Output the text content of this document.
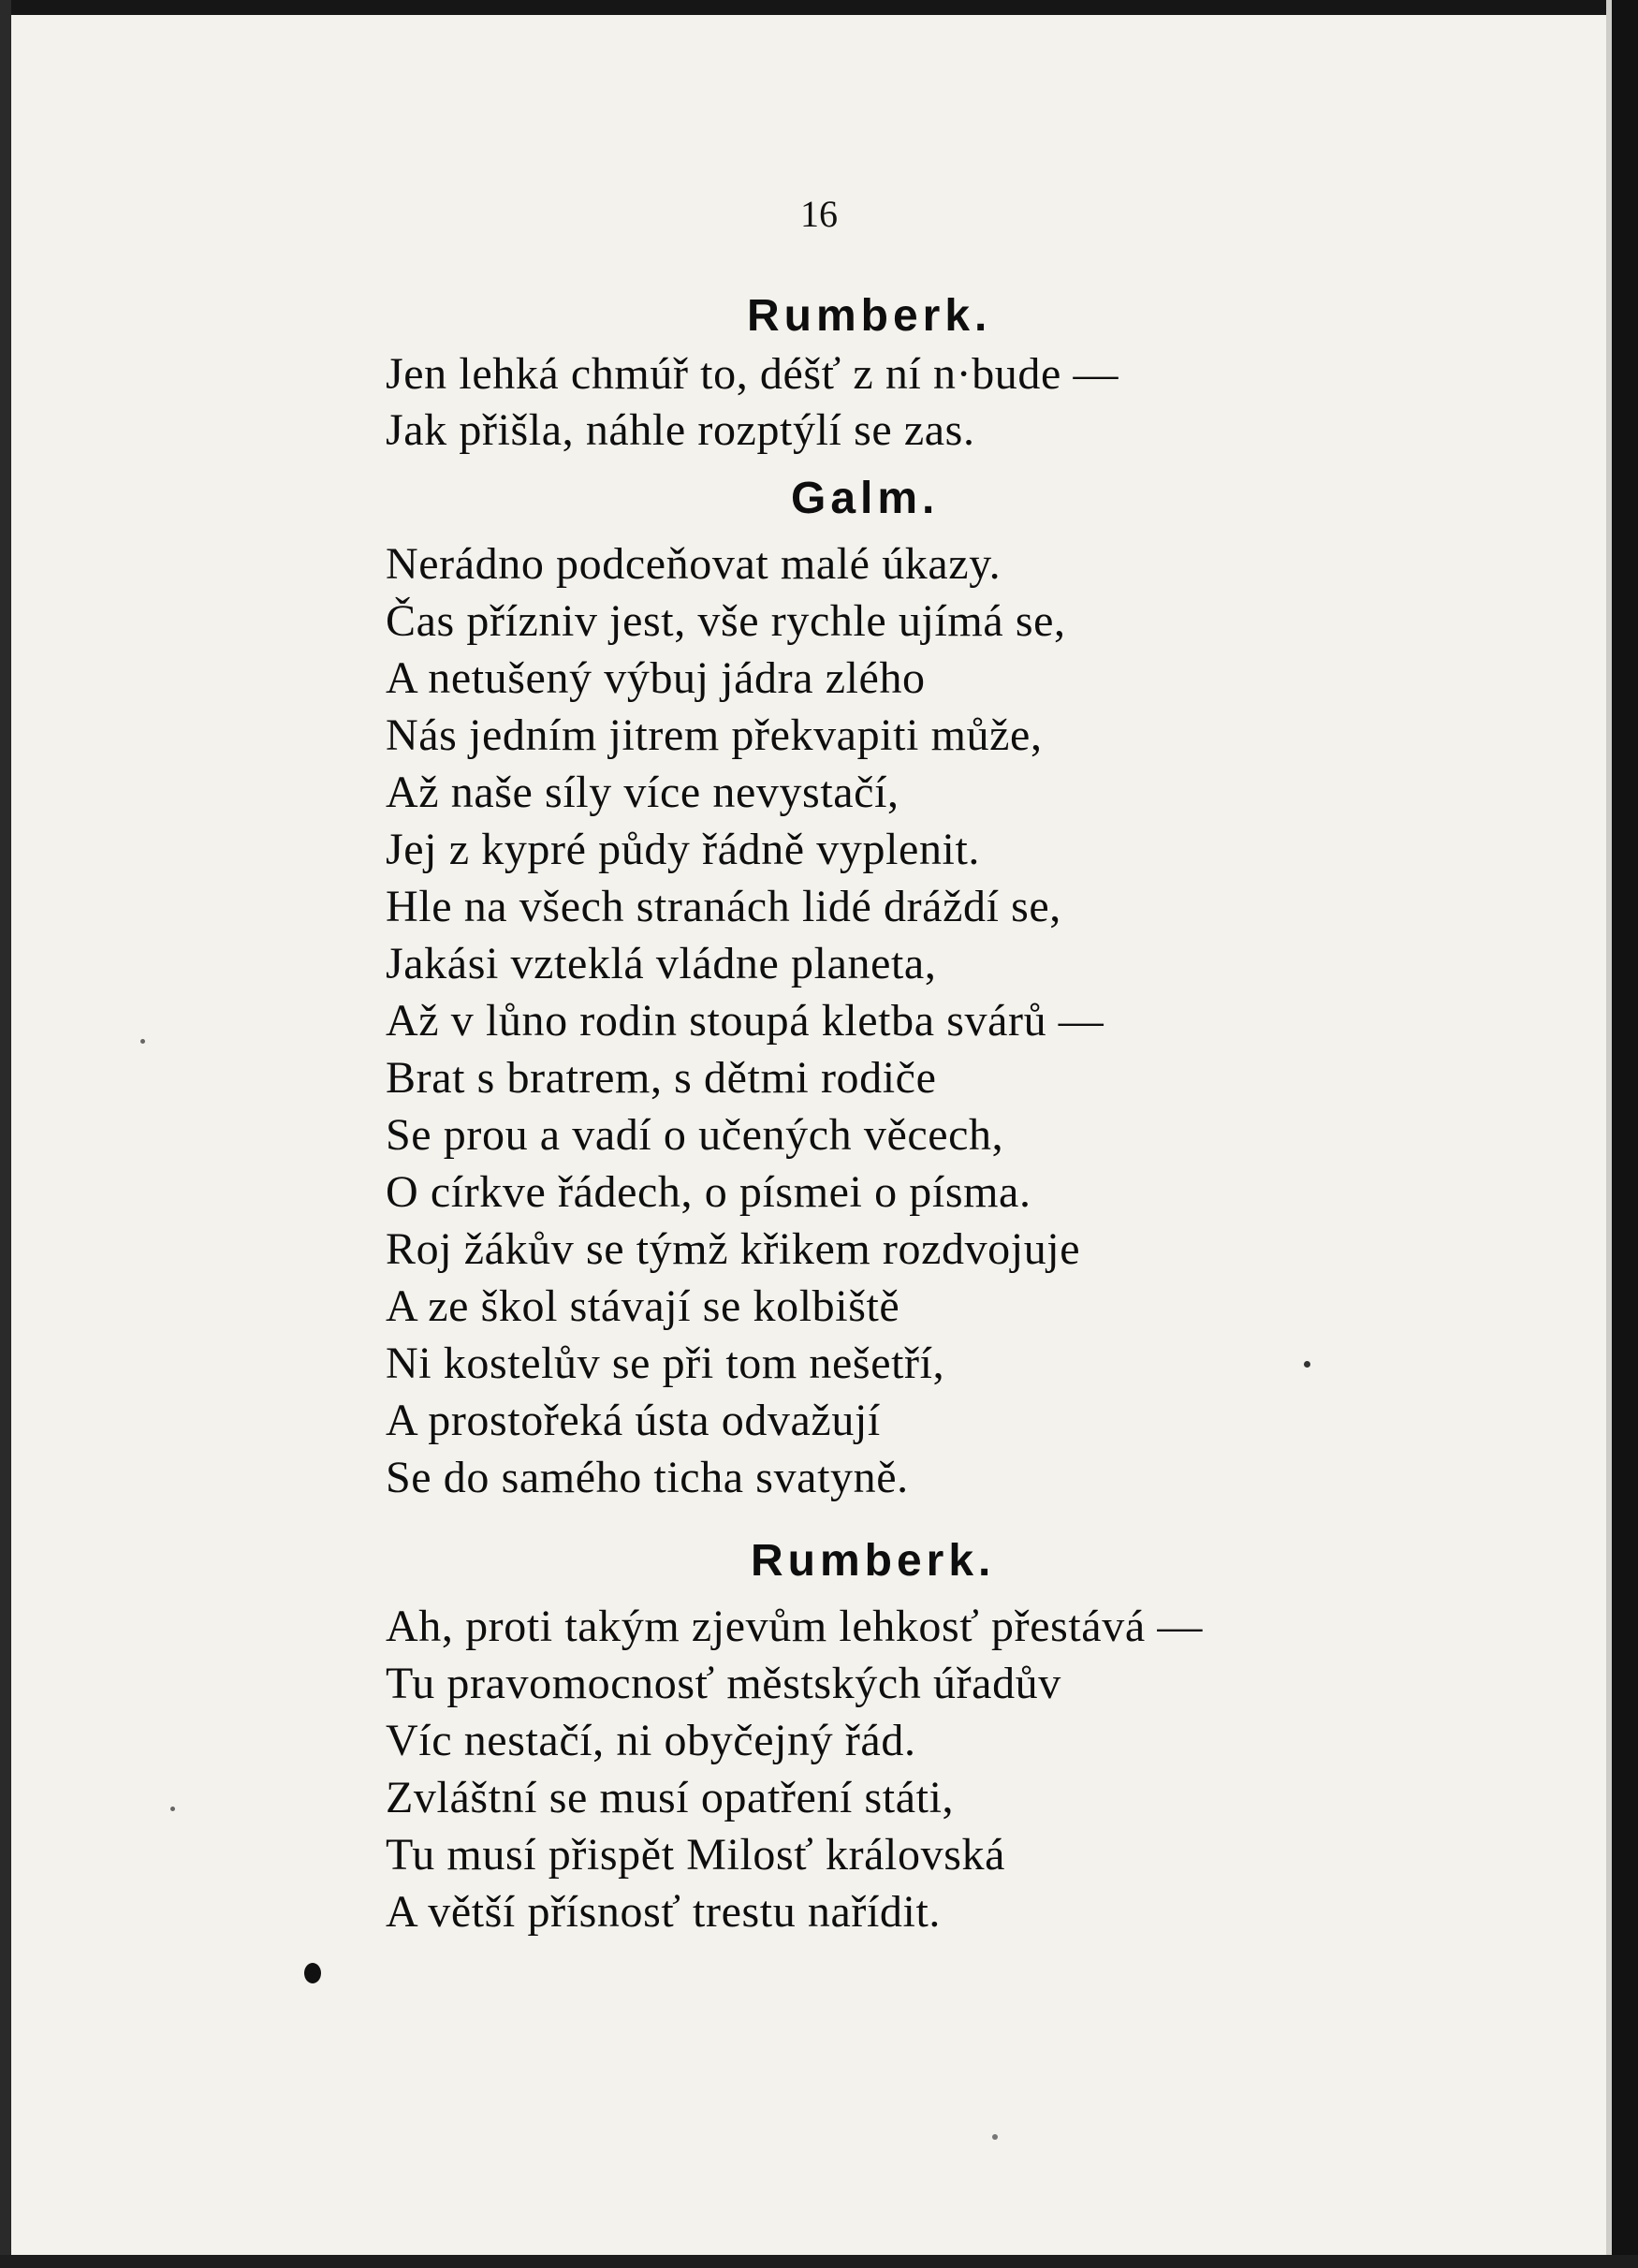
16
Rumberk.
Jen lehká chmúř to, déšť z ní n·bude —
Jak přišla, náhle rozptýlí se zas.
Galm.
Nerádno podceňovat malé úkazy.
Čas přízniv jest, vše rychle ujímá se,
A netušený výbuj jádra zlého
Nás jedním jitrem překvapiti může,
Až naše síly více nevystačí,
Jej z kypré půdy řádně vyplenit.
Hle na všech stranách lidé dráždí se,
Jakási vzteklá vládne planeta,
Až v lůno rodin stoupá kletba svárů —
Brat s bratrem, s dětmi rodiče
Se prou a vadí o učených věcech,
O církve řádech, o písmei o písma.
Roj žákův se týmž křikem rozdvojuje
A ze škol stávají se kolbiště
Ni kostelův se při tom nešetří,
A prostořeká ústa odvažují
Se do samého ticha svatyně.
Rumberk.
Ah, proti takým zjevům lehkosť přestává —
Tu pravomocnosť městských úřadův
Víc nestačí, ni obyčejný řád.
Zvláštní se musí opatření státi,
Tu musí přispět Milosť královská
A větší přísnosť trestu nařídit.
